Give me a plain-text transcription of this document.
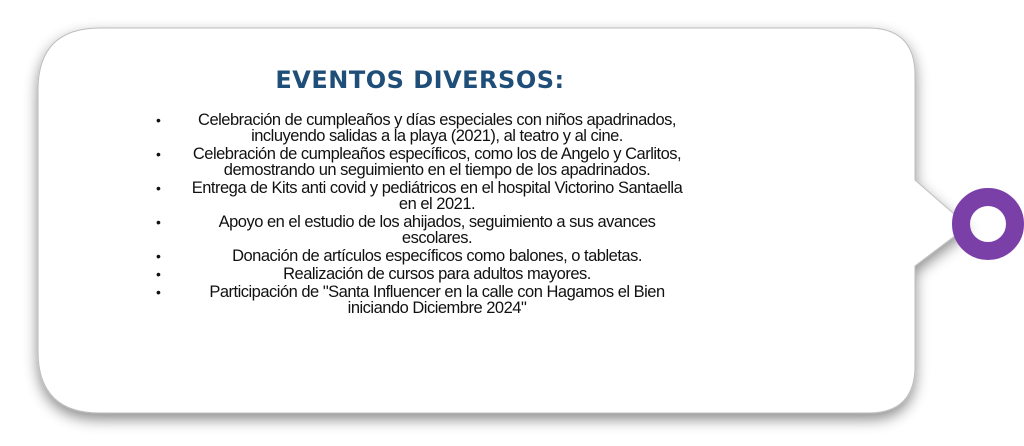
EVENTOS DIVERSOS:
•	Celebración de cumpleaños y días especiales con niños apadrinados, incluyendo salidas a la playa (2021), al teatro y al cine.
•	Celebración de cumpleaños específicos, como los de Angelo y Carlitos, demostrando un seguimiento en el tiempo de los apadrinados.
•	Entrega de Kits anti covid y pediátricos en el hospital Victorino Santaella en el 2021.
•	Apoyo en el estudio de los ahijados, seguimiento a sus avances escolares.
•	Donación de artículos específicos como balones, o tabletas.
•	Realización de cursos para adultos mayores.
•	Participación de "Santa Influencer en la calle con Hagamos el Bien iniciando Diciembre 2024"
